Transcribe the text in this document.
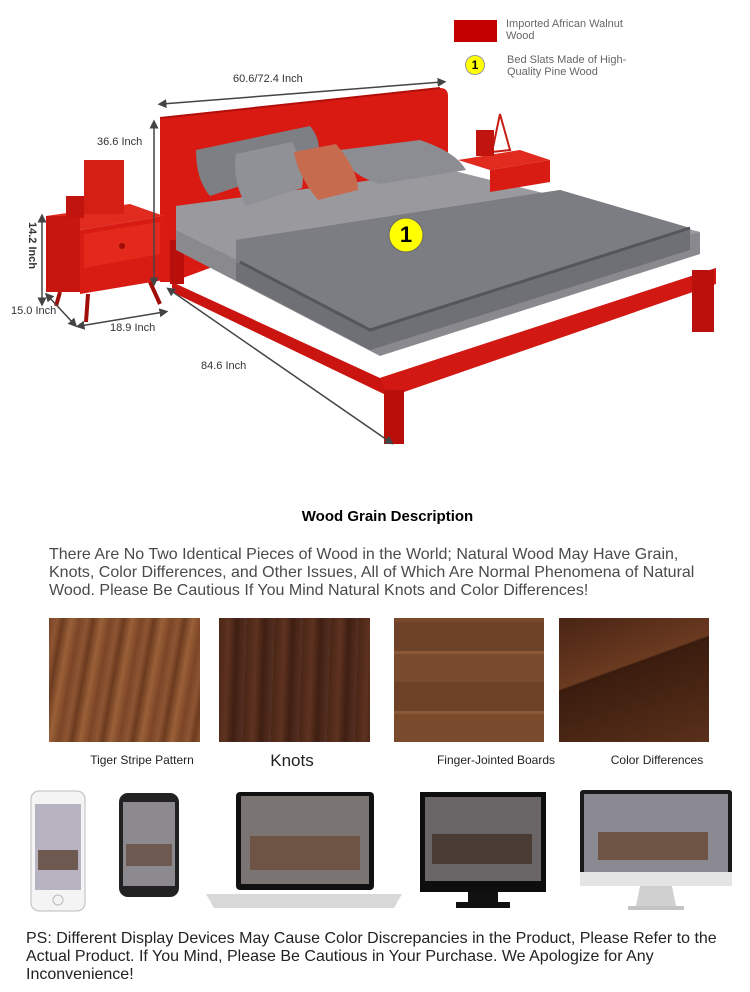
1
Imported African Walnut Wood
1	Bed Slats Made of High-Quality Pine Wood
60.6/72.4 Inch
36.6 Inch
14.2 Inch
15.0 Inch
18.9 Inch
84.6 Inch
Wood Grain Description
There Are No Two Identical Pieces of Wood in the World; Natural Wood May Have Grain, Knots, Color Differences, and Other Issues, All of Which Are Normal Phenomena of Natural Wood. Please Be Cautious If You Mind Natural Knots and Color Differences!
Tiger Stripe Pattern	Knots	Finger-Jointed Boards	Color Differences
PS: Different Display Devices May Cause Color Discrepancies in the Product, Please Refer to the Actual Product. If You Mind, Please Be Cautious in Your Purchase. We Apologize for Any Inconvenience!
